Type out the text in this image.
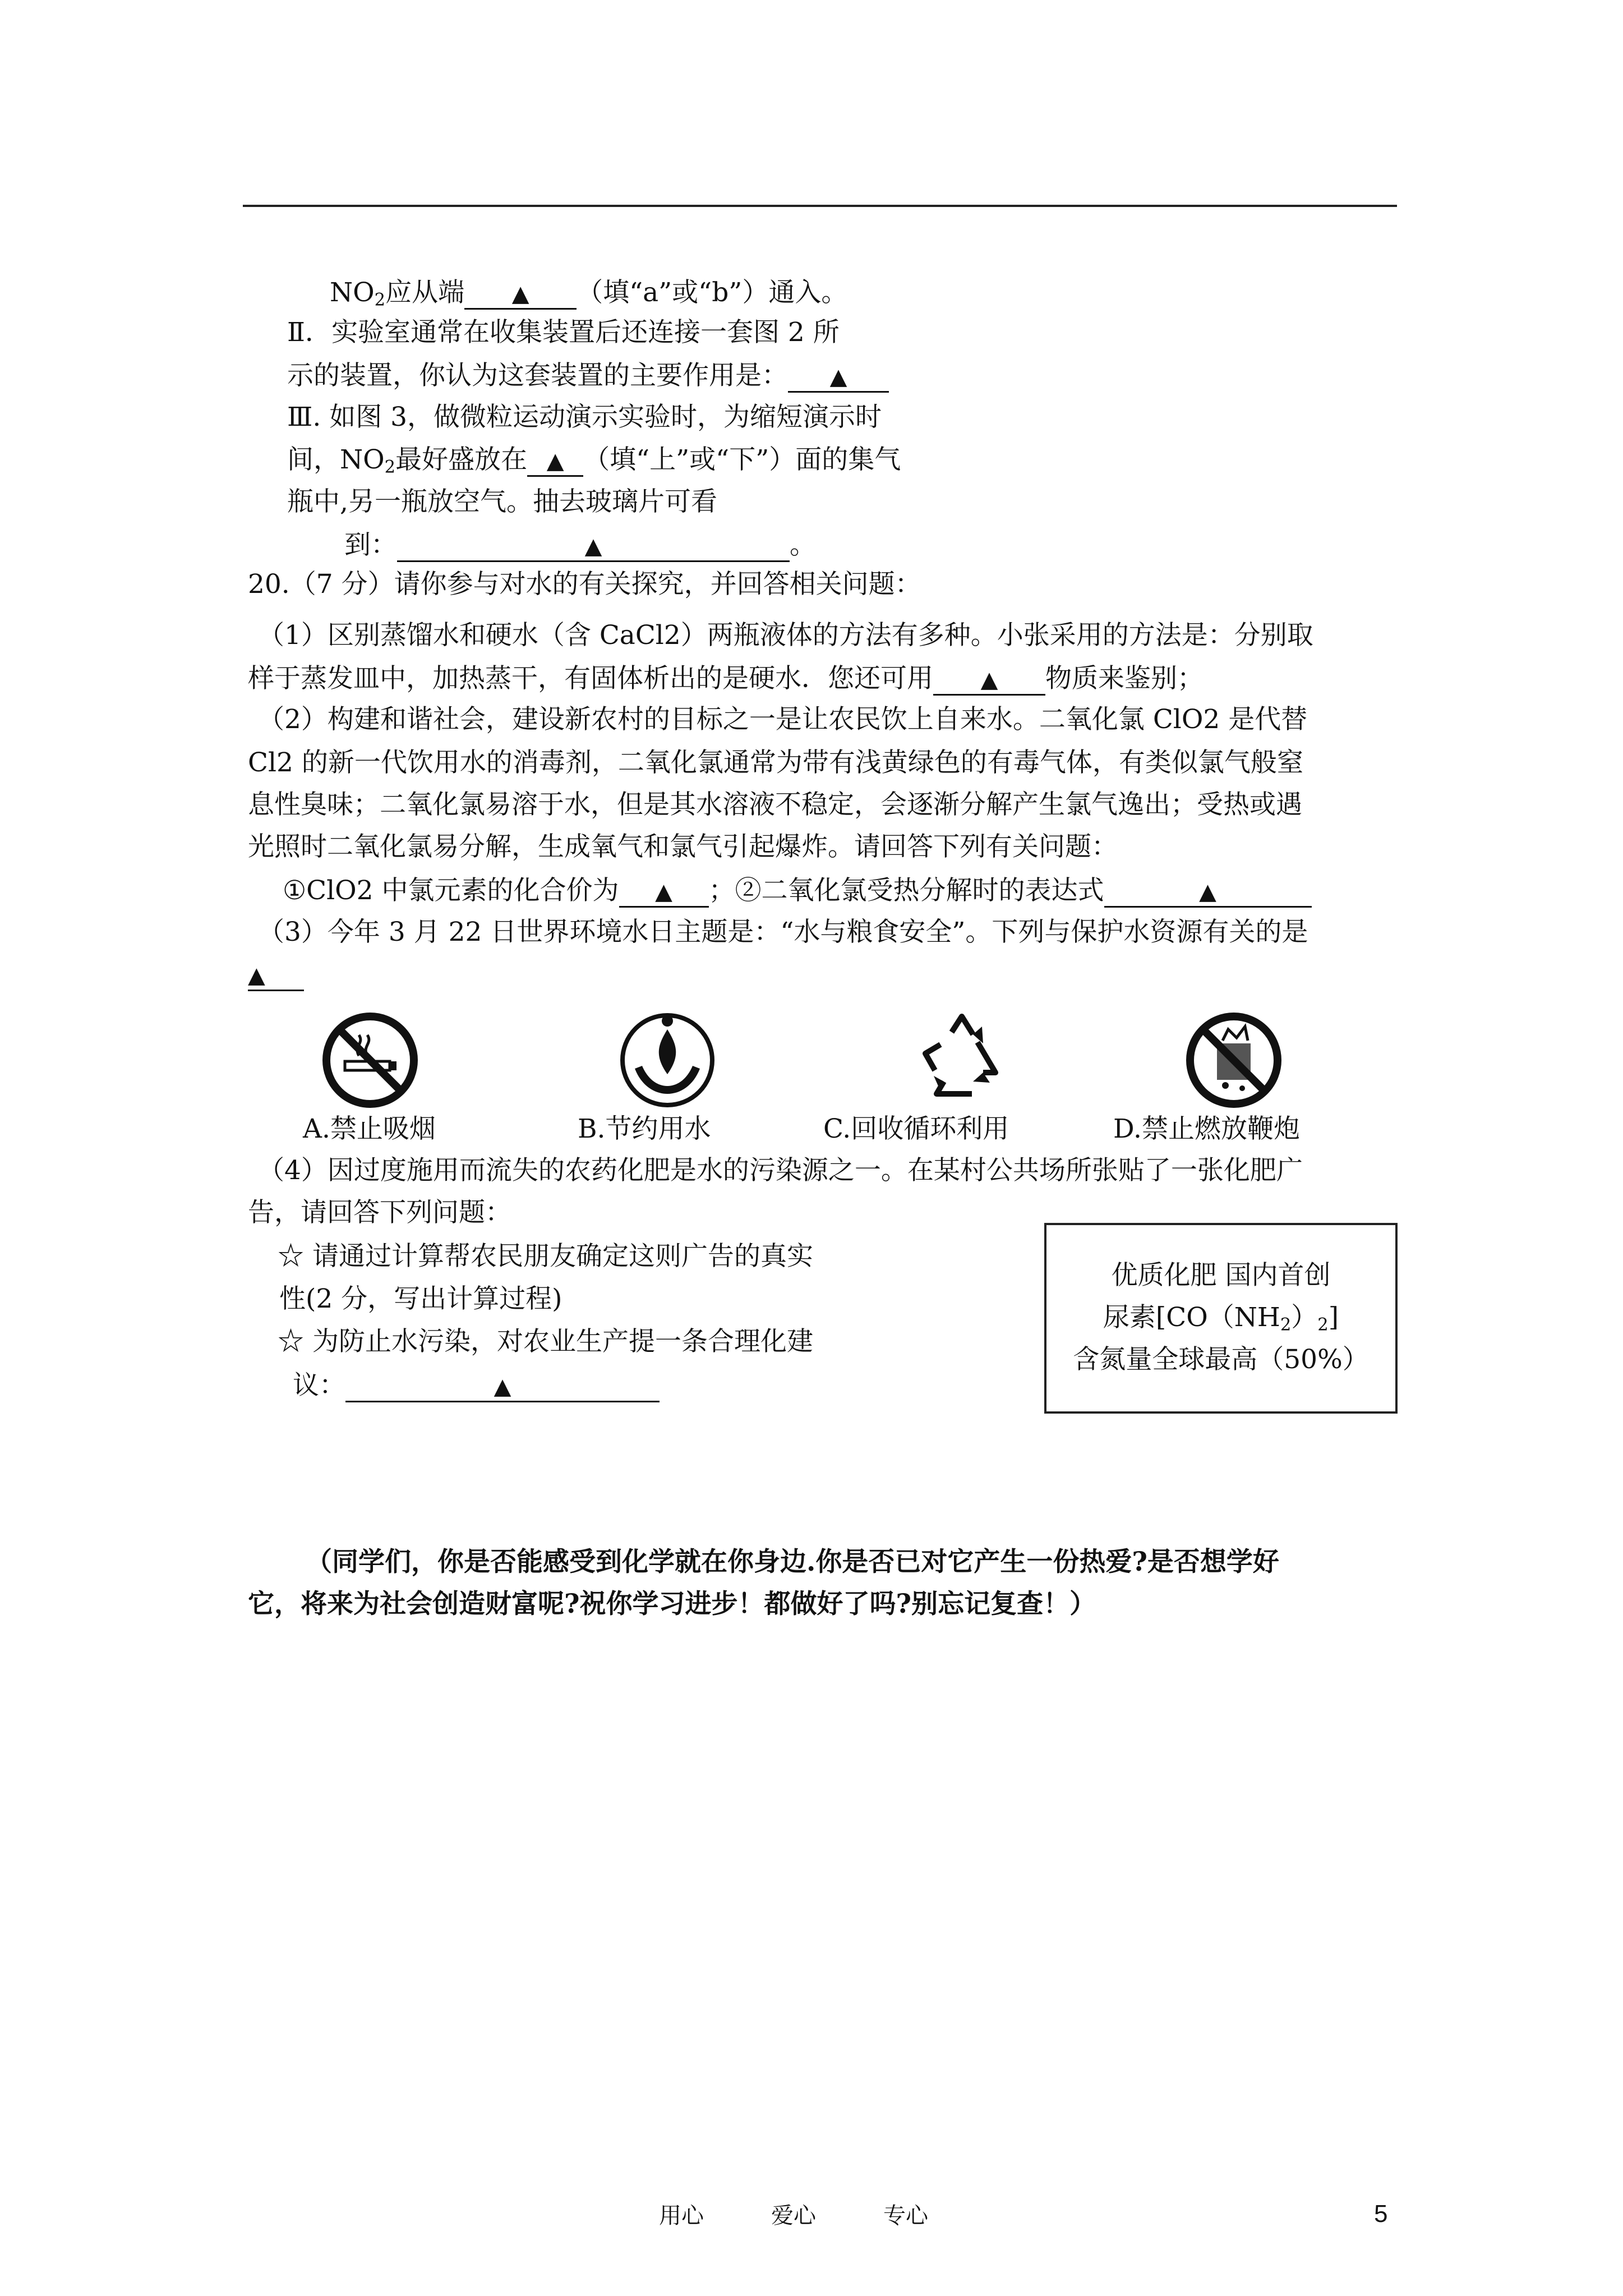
$NO_2$应从端 ▲ （填“a”或“b”）通入。
Ⅱ．实验室通常在收集装置后还连接一套图 2 所
示的装置，你认为这套装置的主要作用是： ▲
Ⅲ. 如图 3，做微粒运动演示实验时，为缩短演示时
间，$NO_2$最好盛放在 ▲ （填“上”或“下”）面的集气
瓶中,另一瓶放空气。抽去玻璃片可看
到：	▲	。
20.（7 分）请你参与对水的有关探究，并回答相关问题：
（1）区别蒸馏水和硬水（含 CaCl2）两瓶液体的方法有多种。小张采用的方法是：分别取
样于蒸发皿中，加热蒸干，有固体析出的是硬水．您还可用 ▲ 物质来鉴别；
（2）构建和谐社会，建设新农村的目标之一是让农民饮上自来水。二氧化氯 ClO2 是代替
Cl2 的新一代饮用水的消毒剂，二氧化氯通常为带有浅黄绿色的有毒气体，有类似氯气般窒
息性臭味；二氧化氯易溶于水，但是其水溶液不稳定，会逐渐分解产生氯气逸出；受热或遇
光照时二氧化氯易分解，生成氧气和氯气引起爆炸。请回答下列有关问题：
①ClO2 中氯元素的化合价为 ▲ ；②二氧化氯受热分解时的表达式	▲
（3）今年 3 月 22 日世界环境水日主题是：“水与粮食安全”。下列与保护水资源有关的是
▲
A.禁止吸烟	B.节约用水	C.回收循环利用	D.禁止燃放鞭炮
（4）因过度施用而流失的农药化肥是水的污染源之一。在某村公共场所张贴了一张化肥广
告，请回答下列问题：
☆ 请通过计算帮农民朋友确定这则广告的真实
性(2 分，写出计算过程)
☆ 为防止水污染，对农业生产提一条合理化建
议：	▲
优质化肥 国内首创
尿素$[CO(NH_2)_2]$
含氮量全球最高（50%）
（同学们，你是否能感受到化学就在你身边.你是否已对它产生一份热爱?是否想学好
它，将来为社会创造财富呢?祝你学习进步！都做好了吗?别忘记复查！）
用心	爱心	专心	5
